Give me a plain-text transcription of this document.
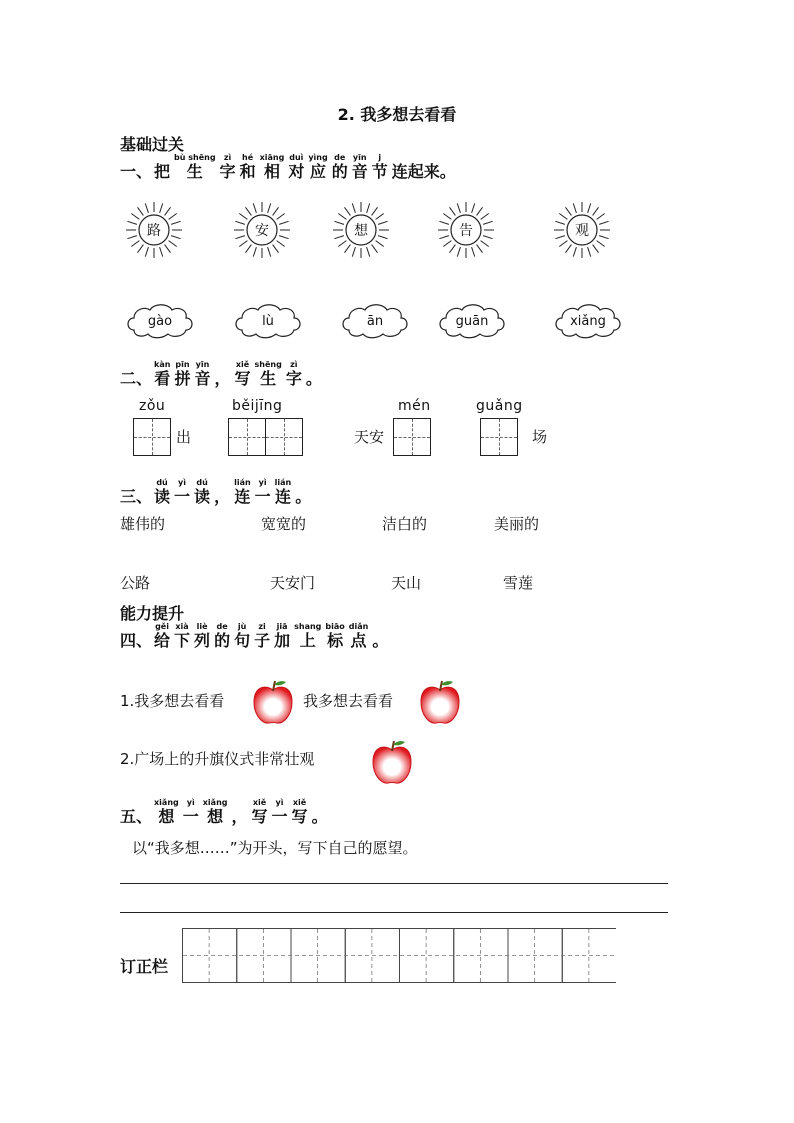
2. 我多想去看看
基础过关
一、 把
bù shēng
生
zì
字
hé
和
xiāng
相
duì
对
yìng
应
de
的
yīn
音
j
节 连起来。
路	安	想	告	观
gào	lù	ān	guān	xiǎng
二、
kàn
看
pīn
拼
yīn
音 ，
xiě
写
shēng
生
zì
字 。
zǒu
出
běijīng	mén
天安
guǎng
场
三、
dú
读
yì
一
dú
读 ，
lián
连
yì
一
lián
连 。
雄伟的	宽宽的	洁白的	美丽的
公路	天安门	天山	雪莲
能力提升
四、
gěi
给
xià
下
liè
列
de
的
jù
句
zi
子
jiā
加
shang
上
biāo
标
diǎn
点 。
1.我多想去看看	我多想去看看
2.广场上的升旗仪式非常壮观
五、
xiǎng
想
yì
一
xiǎng
想 ，
xiě
写
yì
一
xiě
写 。
以“我多想……”为开头，写下自己的愿望。
订正栏
